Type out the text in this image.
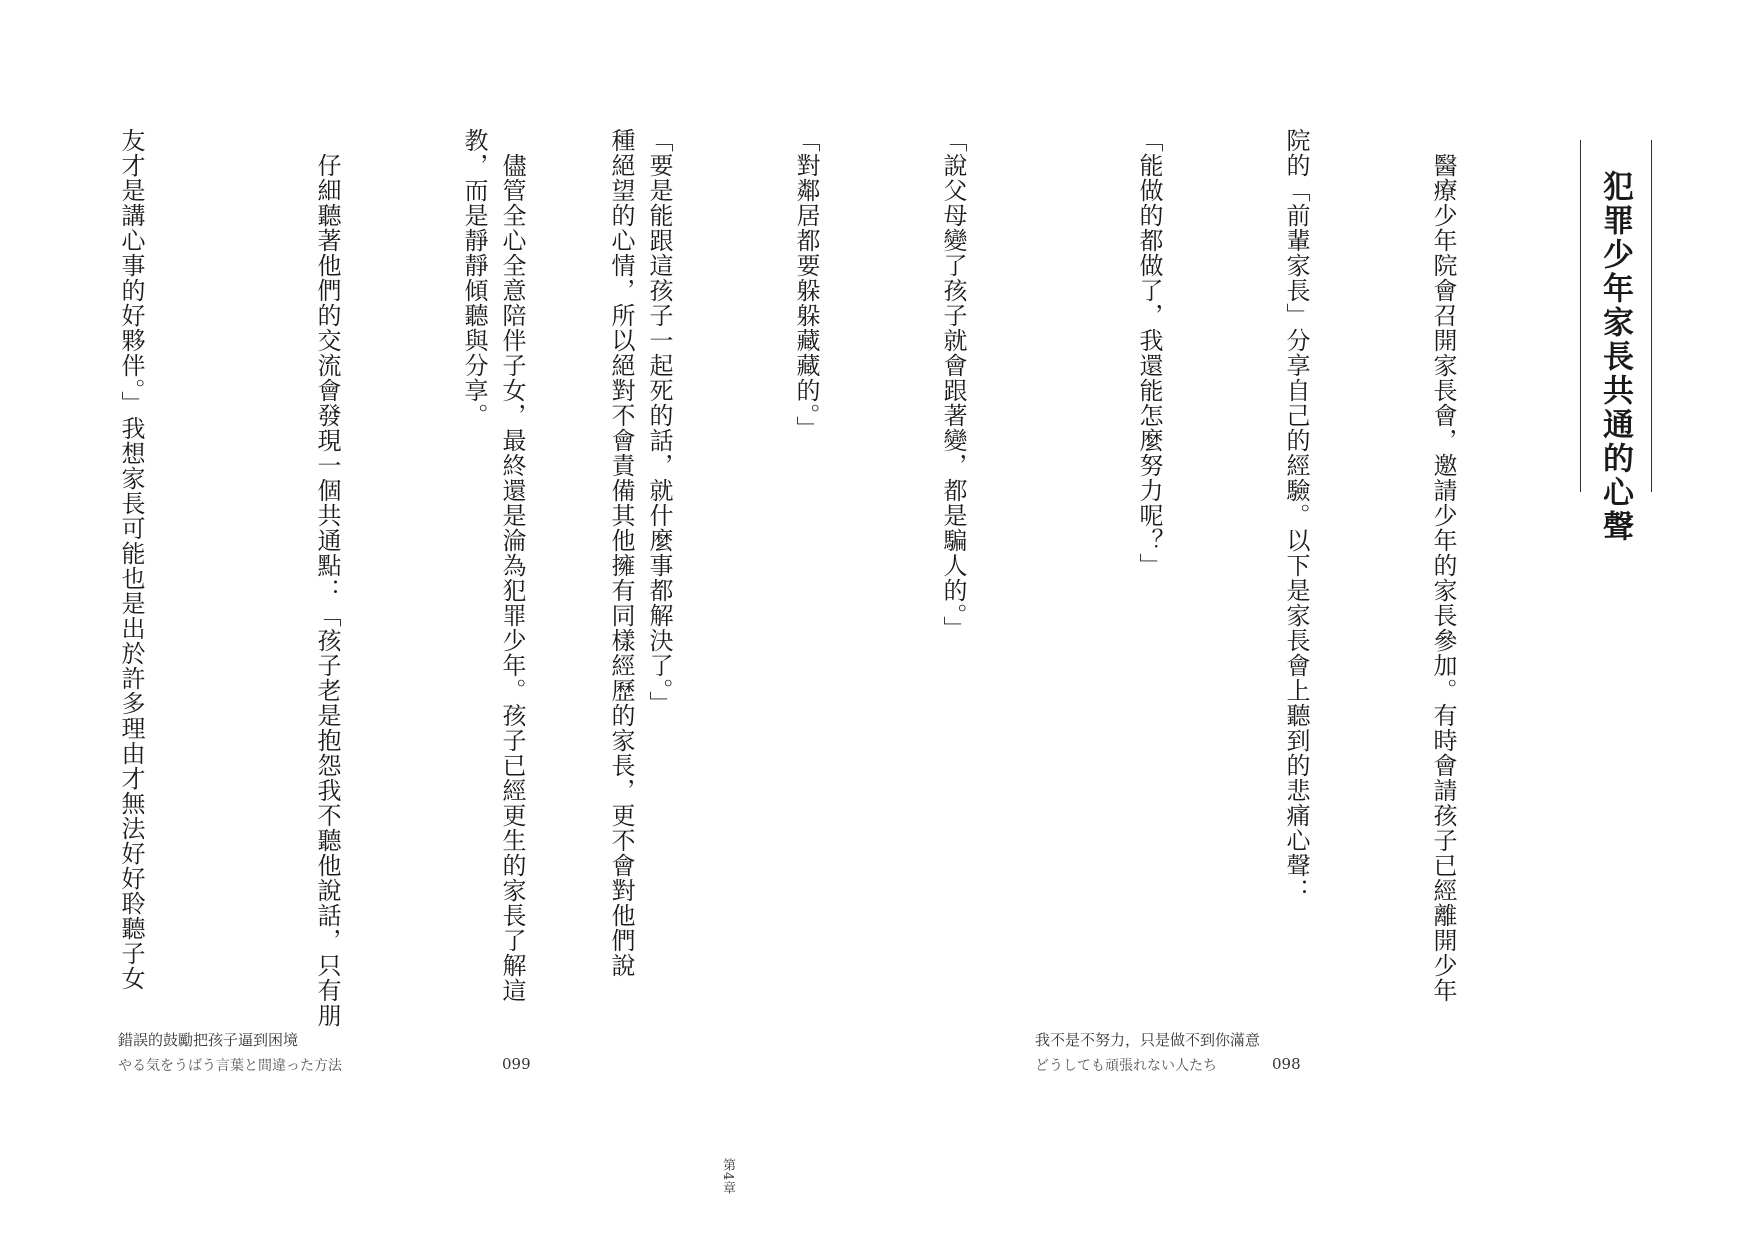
犯罪少年家長共通的心聲

　醫療少年院會召開家長會，邀請少年的家長參加。有時會請孩子已經離開少年

院的「前輩家長」分享自己的經驗。以下是家長會上聽到的悲痛心聲：

「能做的都做了，我還能怎麼努力呢？」

「說父母變了孩子就會跟著變，都是騙人的。」

「對鄰居都要躲躲藏藏的。」

「要是能跟這孩子一起死的話，就什麼事都解決了。」

　儘管全心全意陪伴子女，最終還是淪為犯罪少年。孩子已經更生的家長了解這

我不是不努力，只是做不到你滿意
どうしても頑張れない人たち	098

種絕望的心情，所以絕對不會責備其他擁有同樣經歷的家長，更不會對他們說

教，而是靜靜傾聽與分享。

　仔細聽著他們的交流會發現一個共通點：「孩子老是抱怨我不聽他說話，只有朋

友才是講心事的好夥伴。」我想家長可能也是出於許多理由才無法好好聆聽子女

錯誤的鼓勵把孩子逼到困境
やる気をうばう言葉と間違った方法	099
第4章
